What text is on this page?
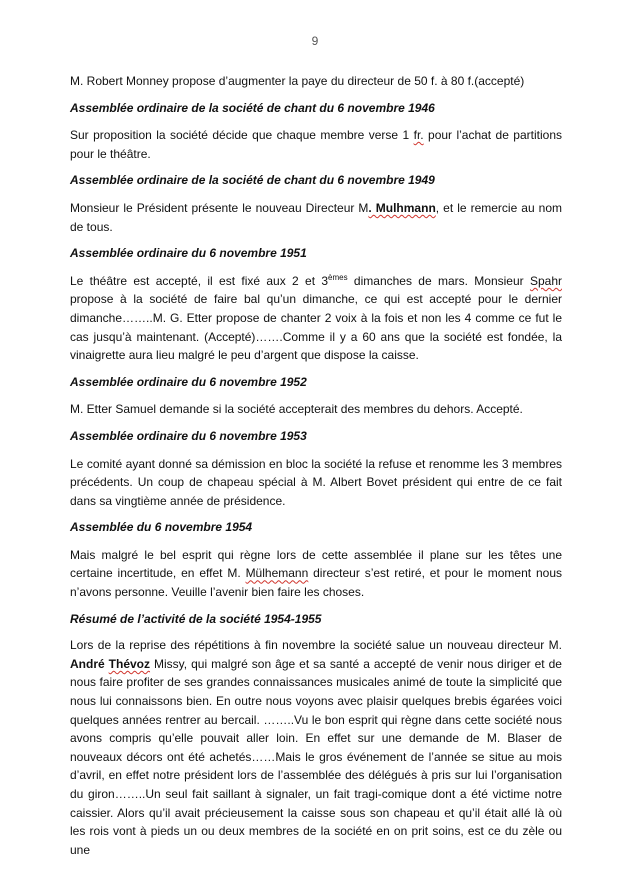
9

M. Robert Monney propose d’augmenter la paye du directeur de 50 f. à 80 f.(accepté)

Assemblée ordinaire de la société de chant du 6 novembre 1946

Sur proposition la société décide que chaque membre verse 1 fr. pour l’achat de partitions pour le théâtre.

Assemblée ordinaire de la société de chant du 6 novembre 1949

Monsieur le Président présente le nouveau Directeur M. Mulhmann, et le remercie au nom de tous.

Assemblée ordinaire du 6 novembre 1951

Le théâtre est accepté, il est fixé aux 2 et 3èmes dimanches de mars. Monsieur Spahr propose à la société de faire bal qu’un dimanche, ce qui est accepté pour le dernier dimanche……..M. G. Etter propose de chanter 2 voix à la fois et non les 4 comme ce fut le cas jusqu’à maintenant. (Accepté)…….Comme il y a 60 ans que la société est fondée, la vinaigrette aura lieu malgré le peu d’argent que dispose la caisse.

Assemblée ordinaire du 6 novembre 1952

M. Etter Samuel demande si la société accepterait des membres du dehors. Accepté.

Assemblée ordinaire du 6 novembre 1953

Le comité ayant donné sa démission en bloc la société la refuse et renomme les 3 membres précédents. Un coup de chapeau spécial à M. Albert Bovet président qui entre de ce fait dans sa vingtième année de présidence.

Assemblée du 6 novembre 1954

Mais malgré le bel esprit qui règne lors de cette assemblée il plane sur les têtes une certaine incertitude, en effet M. Mülhemann directeur s’est retiré, et pour le moment nous n’avons personne. Veuille l’avenir bien faire les choses.

Résumé de l’activité de la société 1954-1955

Lors de la reprise des répétitions à fin novembre la société salue un nouveau directeur M. André Thévoz Missy, qui malgré son âge et sa santé a accepté de venir nous diriger et de nous faire profiter de ses grandes connaissances musicales animé de toute la simplicité que nous lui connaissons bien. En outre nous voyons avec plaisir quelques brebis égarées voici quelques années rentrer au bercail. ……..Vu le bon esprit qui règne dans cette société nous avons compris qu’elle pouvait aller loin. En effet sur une demande de M. Blaser de nouveaux décors ont été achetés……Mais le gros événement de l’année se situe au mois d’avril, en effet notre président lors de l’assemblée des délégués à pris sur lui l’organisation du giron……..Un seul fait saillant à signaler, un fait tragi-comique dont a été victime notre caissier. Alors qu’il avait précieusement la caisse sous son chapeau et qu’il était allé là où les rois vont à pieds un ou deux membres de la société en on prit soins, est ce du zèle ou une
